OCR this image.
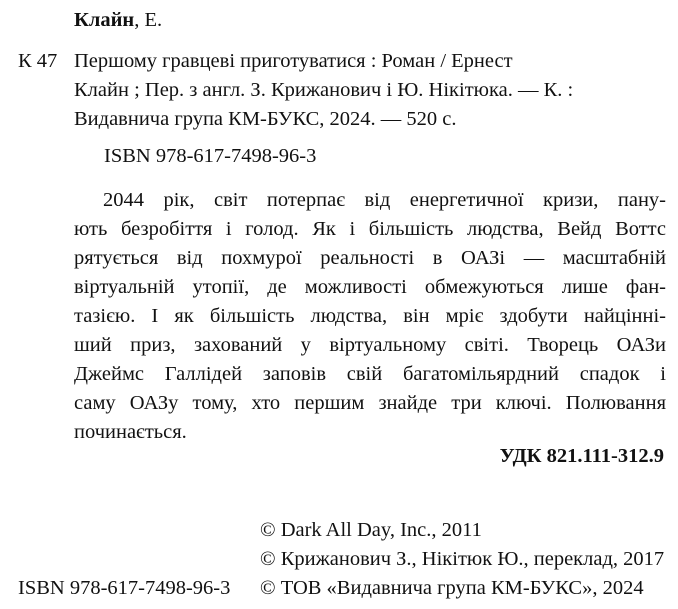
Клайн, Е.
К 47 Першому гравцеві приготуватися : Роман / Ернест
Клайн ; Пер. з англ. З. Крижанович і Ю. Нікітюка. — К. :
Видавнича група КМ-БУКС, 2024. — 520 с.
ISBN 978-617-7498-96-3
2044 рік, світ потерпає від енергетичної кризи, пану-
ють безробіття і голод. Як і більшість людства, Вейд Воттс
рятується від похмурої реальності в ОАЗі — масштабній
віртуальній утопії, де можливості обмежуються лише фан-
тазією. І як більшість людства, він мріє здобути найцінні-
ший приз, захований у віртуальному світі. Творець ОАЗи
Джеймс Галлідей заповів свій багатомільярдний спадок і
саму ОАЗу тому, хто першим знайде три ключі. Полювання
починається.
УДК 821.111-312.9
© Dark All Day, Inc., 2011
© Крижанович З., Нікітюк Ю., переклад, 2017
© ТОВ «Видавнича група КМ-БУКС», 2024
ISBN 978-617-7498-96-3
